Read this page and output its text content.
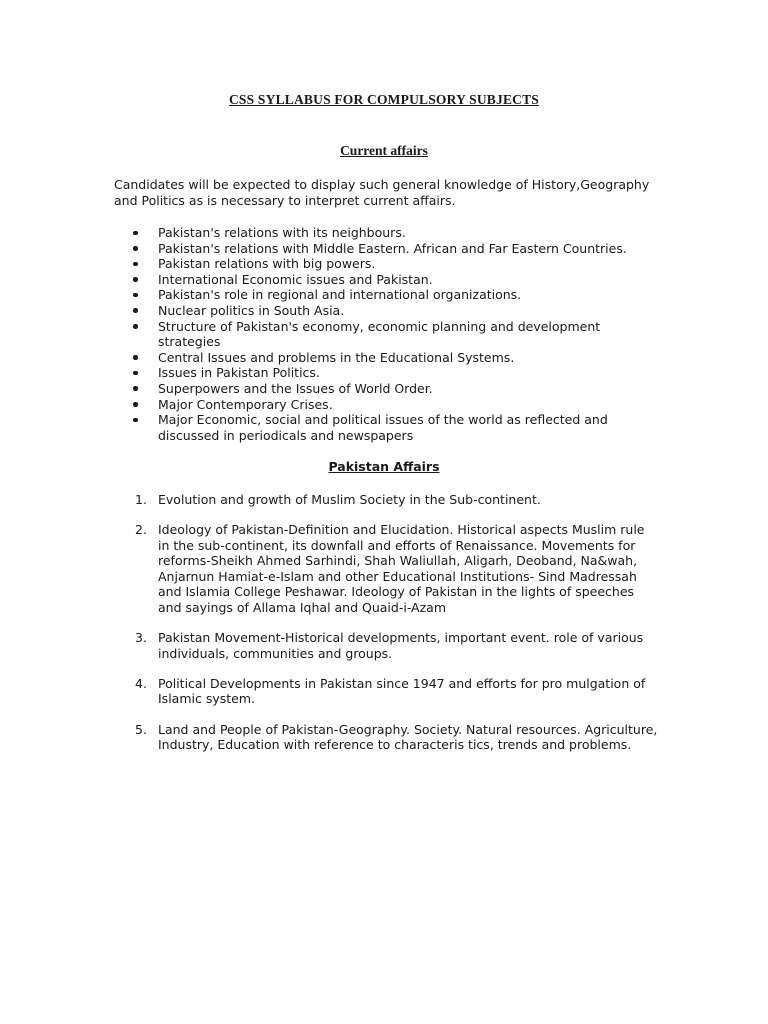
CSS SYLLABUS FOR COMPULSORY SUBJECTS
Current affairs

Candidates will be expected to display such general knowledge of History,Geography and Politics as is necessary to interpret current affairs.

Pakistan's relations with its neighbours.
Pakistan's relations with Middle Eastern. African and Far Eastern Countries.
Pakistan relations with big powers.
International Economic issues and Pakistan.
Pakistan's role in regional and international organizations.
Nuclear politics in South Asia.
Structure of Pakistan's economy, economic planning and development strategies
Central Issues and problems in the Educational Systems.
Issues in Pakistan Politics.
Superpowers and the Issues of World Order.
Major Contemporary Crises.
Major Economic, social and political issues of the world as reflected and discussed in periodicals and newspapers
Pakistan Affairs
1. Evolution and growth of Muslim Society in the Sub-continent.
2. Ideology of Pakistan-Definition and Elucidation. Historical aspects Muslim rule in the sub-continent, its downfall and efforts of Renaissance. Movements for reforms-Sheikh Ahmed Sarhindi, Shah Waliullah, Aligarh, Deoband, Na&wah, Anjarnun Hamiat-e-Islam and other Educational Institutions- Sind Madressah and Islamia College Peshawar. Ideology of Pakistan in the lights of speeches and sayings of Allama Iqhal and Quaid-i-Azam
3. Pakistan Movement-Historical developments, important event. role of various individuals, communities and groups.
4. Political Developments in Pakistan since 1947 and efforts for pro mulgation of Islamic system.
5. Land and People of Pakistan-Geography. Society. Natural resources. Agriculture, Industry, Education with reference to characteris tics, trends and problems.
